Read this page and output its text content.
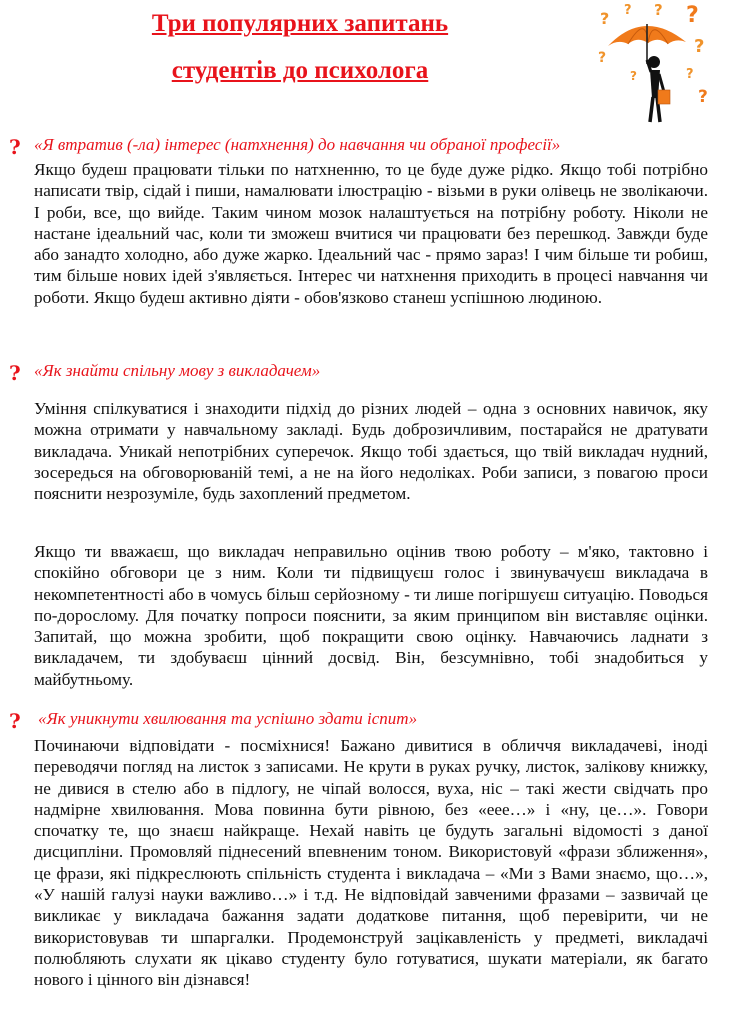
Три популярних запитань
студентів до психолога
? ? ? ?
?
?
?
?
?
? «Я втратив (-ла) інтерес (натхнення) до навчання чи обраної професії»

Якщо будеш працювати тільки по натхненню, то це буде дуже рідко. Якщо тобі потрібно написати твір, сідай і пиши, намалювати ілюстрацію - візьми в руки олівець не зволікаючи. І роби, все, що вийде. Таким чином мозок налаштується на потрібну роботу. Ніколи не настане ідеальний час, коли ти зможеш вчитися чи працювати без перешкод. Завжди буде або занадто холодно, або дуже жарко. Ідеальний час - прямо зараз! І чим більше ти робиш, тим більше нових ідей з'являється. Інтерес чи натхнення приходить в процесі навчання чи роботи. Якщо будеш активно діяти - обов'язково станеш успішною людиною.

? «Як знайти спільну мову з викладачем»

Уміння спілкуватися і знаходити підхід до різних людей – одна з основних навичок, яку можна отримати у навчальному закладі. Будь доброзичливим, постарайся не дратувати викладача. Уникай непотрібних суперечок. Якщо тобі здається, що твій викладач нудний, зосередься на обговорюваній темі, а не на його недоліках. Роби записи, з повагою проси пояснити незрозуміле, будь захоплений предметом.

Якщо ти вважаєш, що викладач неправильно оцінив твою роботу – м'яко, тактовно і спокійно обговори це з ним. Коли ти підвищуєш голос і звинувачуєш викладача в некомпетентності або в чомусь більш серйозному - ти лише погіршуєш ситуацію. Поводься по-дорослому. Для початку попроси пояснити, за яким принципом він виставляє оцінки. Запитай, що можна зробити, щоб покращити свою оцінку. Навчаючись ладнати з викладачем, ти здобуваєш цінний досвід. Він, безсумнівно, тобі знадобиться у майбутньому.

? «Як уникнути хвилювання та успішно здати іспит»

Починаючи відповідати - посміхнися! Бажано дивитися в обличчя викладачеві, іноді переводячи погляд на листок з записами. Не крути в руках ручку, листок, залікову книжку, не дивися в стелю або в підлогу, не чіпай волосся, вуха, ніс – такі жести свідчать про надмірне хвилювання. Мова повинна бути рівною, без «еее…» і «ну, це…». Говори спочатку те, що знаєш найкраще. Нехай навіть це будуть загальні відомості з даної дисципліни. Промовляй піднесений впевненим тоном. Використовуй «фрази зближення», це фрази, які підкреслюють спільність студента і викладача – «Ми з Вами знаємо, що…», «У нашій галузі науки важливо…» і т.д. Не відповідай завченими фразами – зазвичай це викликає у викладача бажання задати додаткове питання, щоб перевірити, чи не використовував ти шпаргалки. Продемонструй зацікавленість у предметі, викладачі полюбляють слухати як цікаво студенту було готуватися, шукати матеріали, як багато нового і цінного він дізнався!
